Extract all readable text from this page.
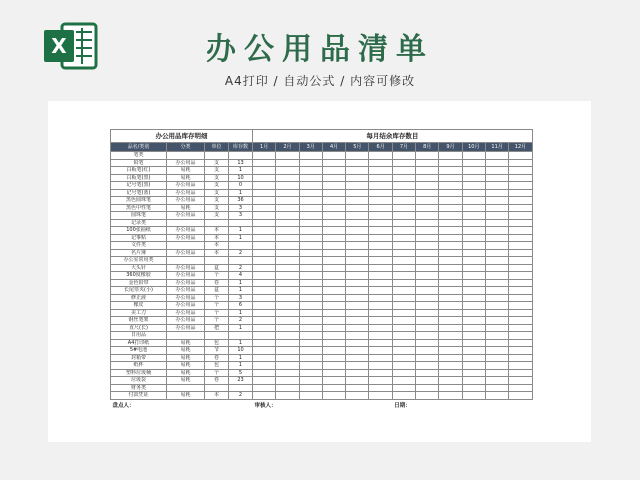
X	办公用品清单
A4打印 / 自动公式 / 内容可修改
办公用品库存明细				每月结余库存数目											
品名/类别	分类	单位	库存数	1月	2月	3月	4月	5月	6月	7月	8月	9月	10月	11月	12月
笔类															
铅笔	办公用品	支	13												
白板笔(红)	易耗	支	1												
白板笔(黑)	易耗	支	10												
记号笔(黑)	办公用品	支	0												
记号笔(蓝)	办公用品	支	1												
黑色圆珠笔	办公用品	支	36												
黑色中性笔	易耗	支	3												
圆珠笔	办公用品	支	3												
记录类															
100张抽纸	办公用品	本	1												
记事贴	办公用品	本	1												
文件类		本													
名片簿	办公用品	本	2												
办公室常用类															
大头针	办公用品	盒	2												
360度橡胶	办公用品	个	4												
金色铅带	办公用品	卷	1												
长尾票夹(小)	办公用品	盒	1												
修正液	办公用品	个	3												
橡皮	办公用品	个	6												
美工刀	办公用品	个	1												
钢丝笔架	办公用品	个	2												
直尺(长)	办公用品	把	1												
日用品															
A4打印纸	易耗	包	1												
5#电池	易耗	节	10												
封箱带	易耗	卷	1												
纸杯	易耗	包	1												
塑料垃圾桶	易耗	个	5												
垃圾袋	易耗	卷	23												
财务类															
付款凭证	易耗	本	2												
盘点人：				审核人：						日期：					
